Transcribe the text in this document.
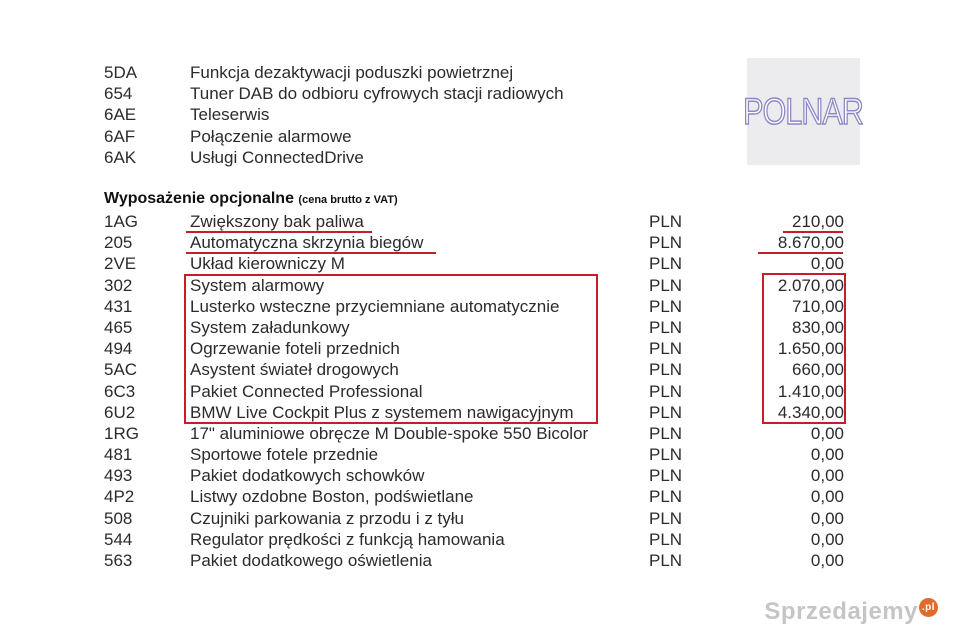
5DA	Funkcja dezaktywacji poduszki powietrznej
654	Tuner DAB do odbioru cyfrowych stacji radiowych
6AE	Teleserwis
6AF	Połączenie alarmowe
6AK	Usługi ConnectedDrive
POLNAR
Wyposażenie opcjonalne (cena brutto z VAT)
1AG	Zwiększony bak paliwa	PLN	210,00
205	Automatyczna skrzynia biegów	PLN	8.670,00
2VE	Układ kierowniczy M	PLN	0,00
302	System alarmowy	PLN	2.070,00
431	Lusterko wsteczne przyciemniane automatycznie	PLN	710,00
465	System załadunkowy	PLN	830,00
494	Ogrzewanie foteli przednich	PLN	1.650,00
5AC	Asystent świateł drogowych	PLN	660,00
6C3	Pakiet Connected Professional	PLN	1.410,00
6U2	BMW Live Cockpit Plus z systemem nawigacyjnym	PLN	4.340,00
1RG	17" aluminiowe obręcze M Double-spoke 550 Bicolor	PLN	0,00
481	Sportowe fotele przednie	PLN	0,00
493	Pakiet dodatkowych schowków	PLN	0,00
4P2	Listwy ozdobne Boston, podświetlane	PLN	0,00
508	Czujniki parkowania z przodu i z tyłu	PLN	0,00
544	Regulator prędkości z funkcją hamowania	PLN	0,00
563	Pakiet dodatkowego oświetlenia	PLN	0,00
Sprzedajemy .pl
